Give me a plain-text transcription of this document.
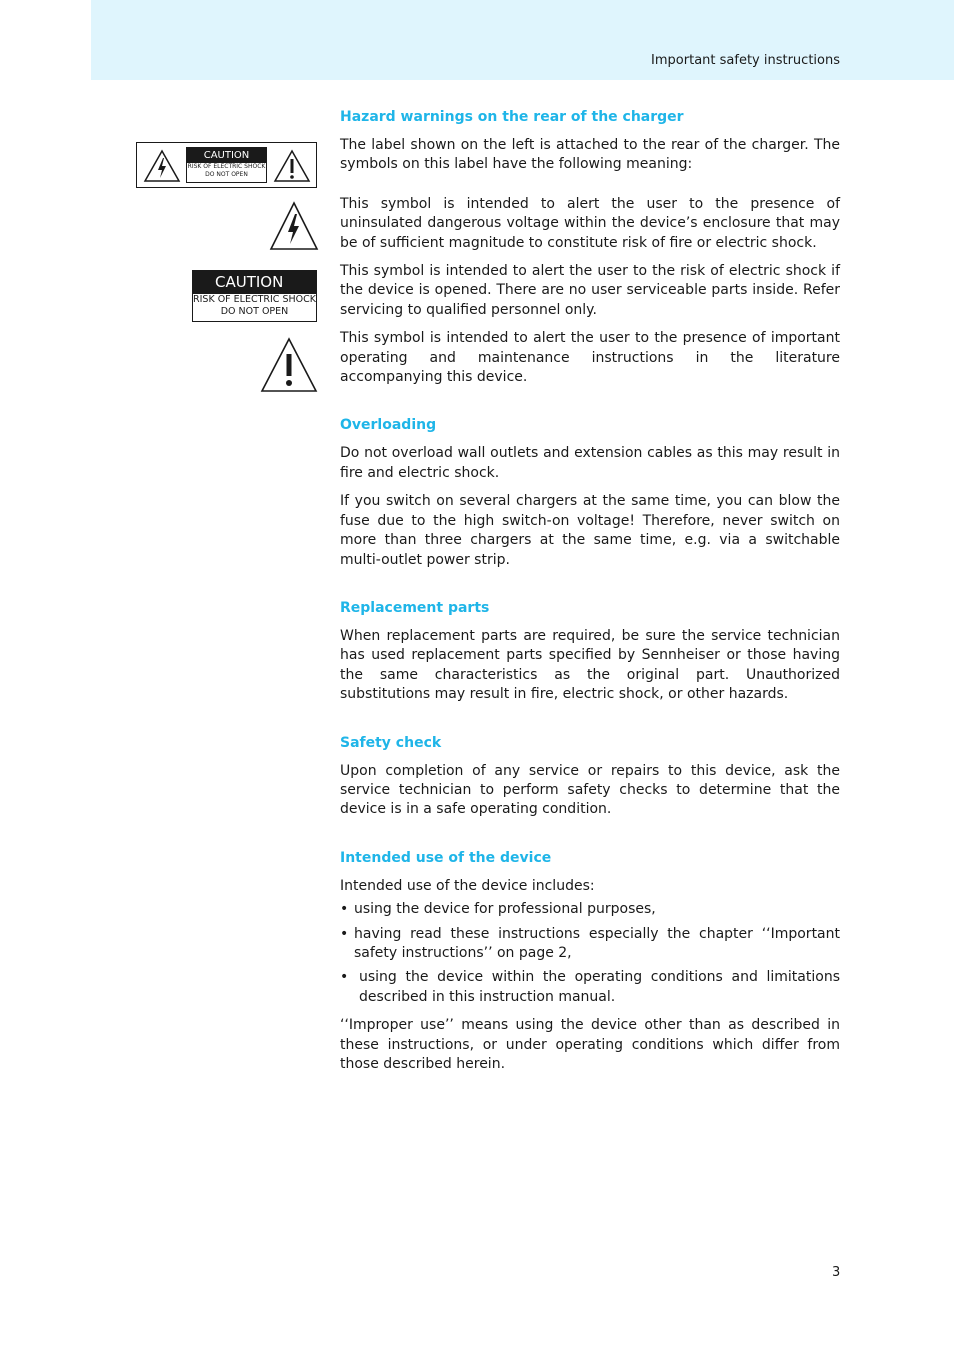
Important safety instructions
CAUTION
RISK OF ELECTRIC SHOCK
DO NOT OPEN
CAUTION
RISK OF ELECTRIC SHOCK
DO NOT OPEN
Hazard warnings on the rear of the charger

The label shown on the left is attached to the rear of the charger. The symbols on this label have the following meaning:

This symbol is intended to alert the user to the presence of uninsulated dangerous voltage within the device’s enclosure that may be of sufficient magnitude to constitute risk of fire or electric shock.

This symbol is intended to alert the user to the risk of electric shock if the device is opened. There are no user serviceable parts inside. Refer servicing to qualified personnel only.

This symbol is intended to alert the user to the presence of important operating and maintenance instructions in the literature accompanying this device.

Overloading

Do not overload wall outlets and extension cables as this may result in fire and electric shock.

If you switch on several chargers at the same time, you can blow the fuse due to the high switch-on voltage! Therefore, never switch on more than three chargers at the same time, e.g. via a switchable multi-outlet power strip.

Replacement parts

When replacement parts are required, be sure the service technician has used replacement parts specified by Sennheiser or those having the same characteristics as the original part. Unauthorized substitutions may result in fire, electric shock, or other hazards.

Safety check

Upon completion of any service or repairs to this device, ask the service technician to perform safety checks to determine that the device is in a safe operating condition.

Intended use of the device

Intended use of the device includes:

• using the device for professional purposes,
• having read these instructions especially the chapter ‘‘Important safety instructions’’ on page 2,
• using the device within the operating conditions and limitations described in this instruction manual.

‘‘Improper use’’ means using the device other than as described in these instructions, or under operating conditions which differ from those described herein.

3
